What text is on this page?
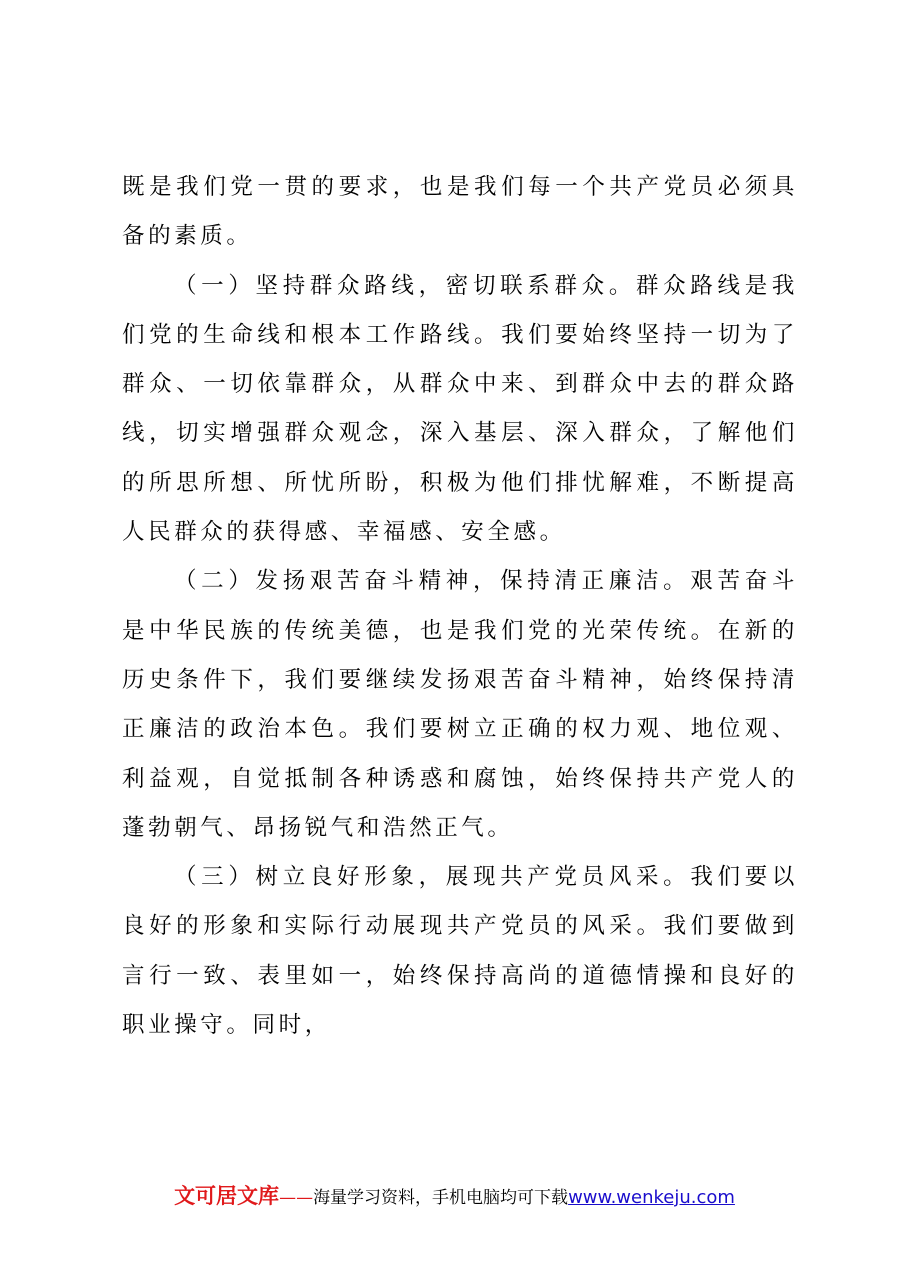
既是我们党一贯的要求，也是我们每一个共产党员必须具备的素质。

（一）坚持群众路线，密切联系群众。群众路线是我们党的生命线和根本工作路线。我们要始终坚持一切为了群众、一切依靠群众，从群众中来、到群众中去的群众路线，切实增强群众观念，深入基层、深入群众，了解他们的所思所想、所忧所盼，积极为他们排忧解难，不断提高人民群众的获得感、幸福感、安全感。

（二）发扬艰苦奋斗精神，保持清正廉洁。艰苦奋斗是中华民族的传统美德，也是我们党的光荣传统。在新的历史条件下，我们要继续发扬艰苦奋斗精神，始终保持清正廉洁的政治本色。我们要树立正确的权力观、地位观、利益观，自觉抵制各种诱惑和腐蚀，始终保持共产党人的蓬勃朝气、昂扬锐气和浩然正气。

（三）树立良好形象，展现共产党员风采。我们要以良好的形象和实际行动展现共产党员的风采。我们要做到言行一致、表里如一，始终保持高尚的道德情操和良好的职业操守。同时，

文可居文库——海量学习资料，手机电脑均可下载www.wenkeju.com
